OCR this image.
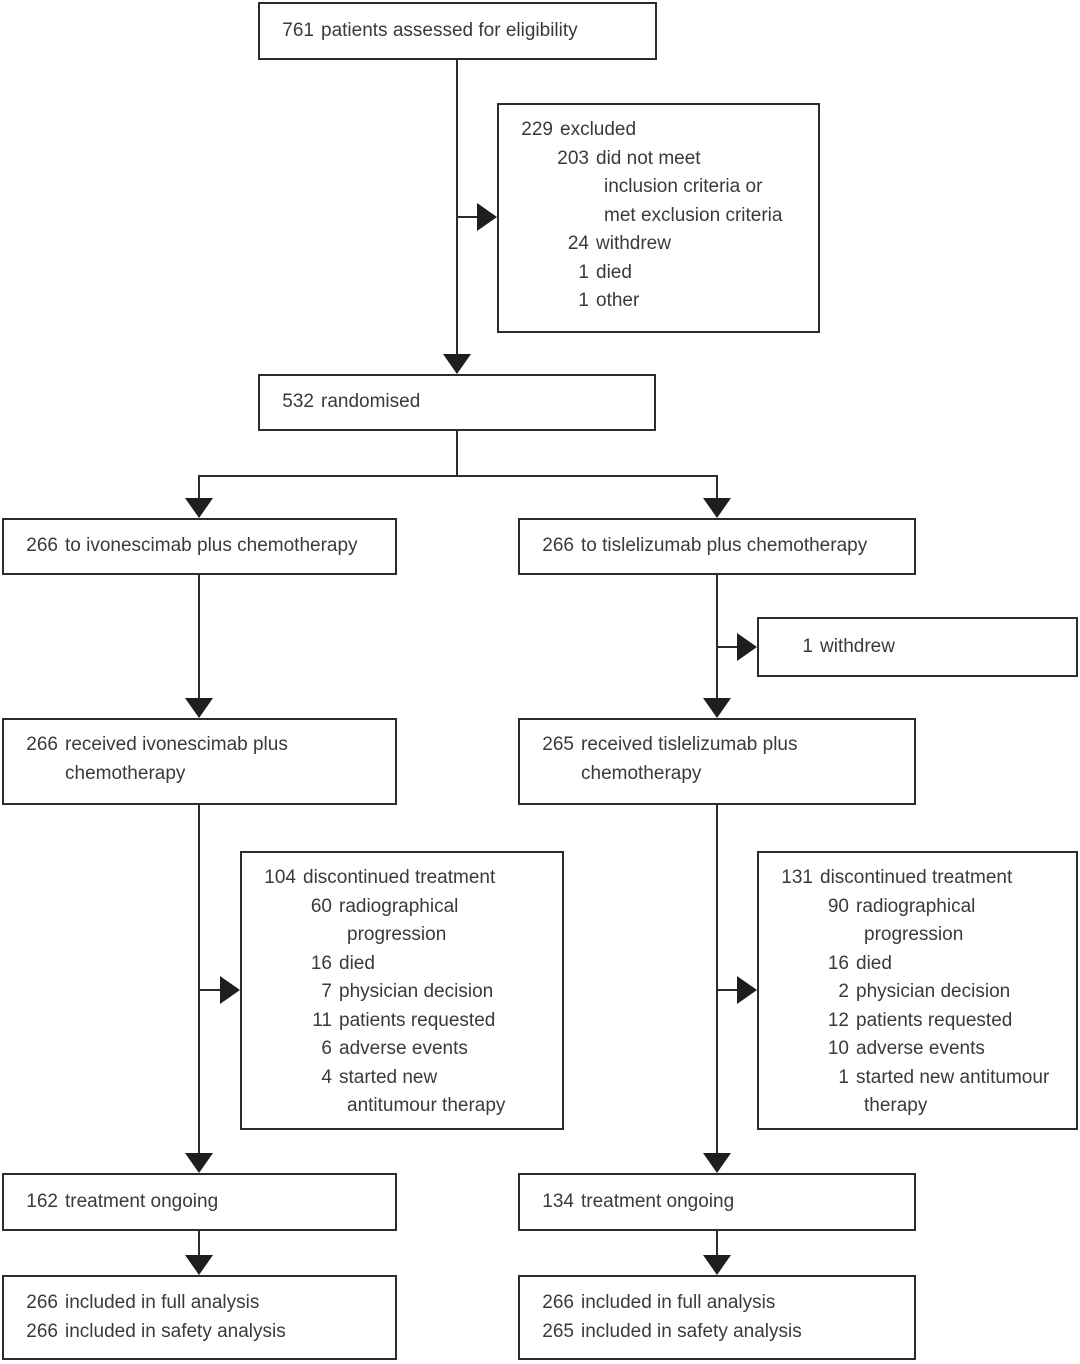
761 patients assessed for eligibility
229 excluded
203 did not meet
inclusion criteria or
met exclusion criteria
24 withdrew
1 died
1 other
532 randomised
266 to ivonescimab plus chemotherapy	266 to tislelizumab plus chemotherapy
1 withdrew
266 received ivonescimab plus
chemotherapy
265 received tislelizumab plus
chemotherapy
104 discontinued treatment
60 radiographical
progression
16 died
7 physician decision
11 patients requested
6 adverse events
4 started new
antitumour therapy
131 discontinued treatment
90 radiographical
progression
16 died
2 physician decision
12 patients requested
10 adverse events
1 started new antitumour
therapy
162 treatment ongoing	134 treatment ongoing
266 included in full analysis
266 included in safety analysis
266 included in full analysis
265 included in safety analysis
